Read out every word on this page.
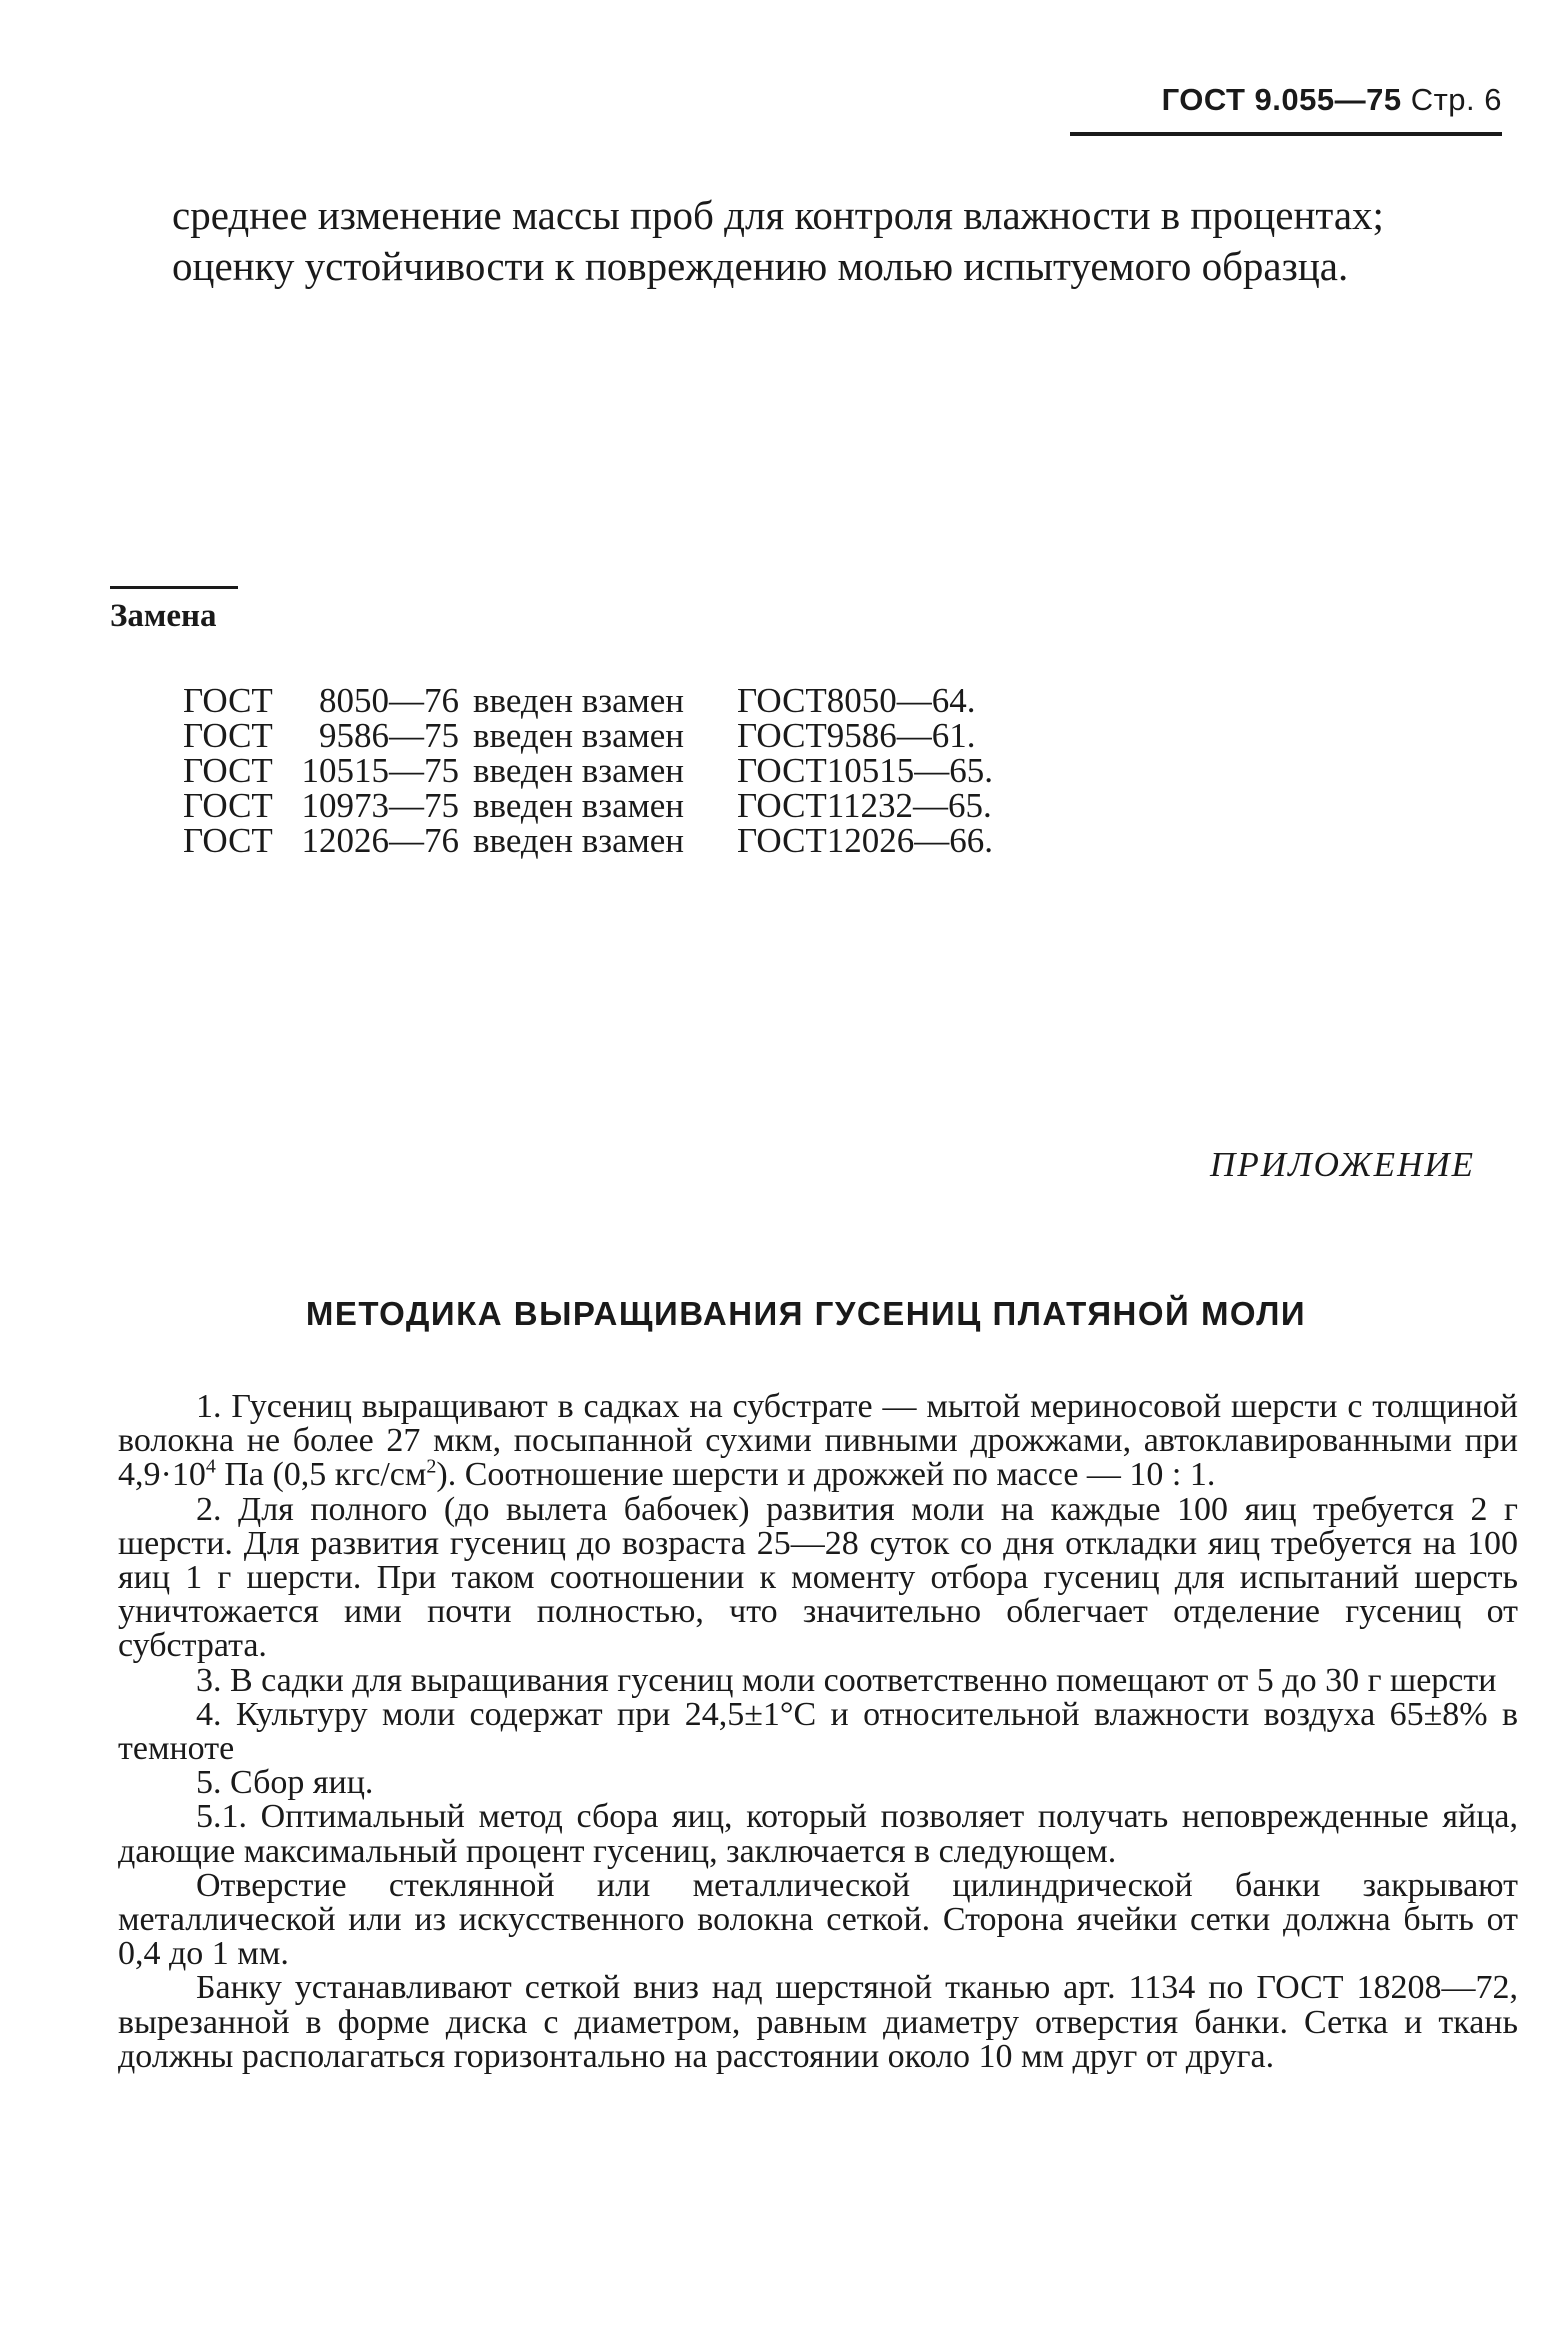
ГОСТ 9.055—75 Стр. 6

среднее изменение массы проб для контроля влажности в процентах;

оценку устойчивости к повреждению молью испытуемого образца.

Замена
ГОСТ	8050—76	введен взамен	ГОСТ	8050—64.
ГОСТ	9586—75	введен взамен	ГОСТ	9586—61.
ГОСТ	10515—75	введен взамен	ГОСТ	10515—65.
ГОСТ	10973—75	введен взамен	ГОСТ	11232—65.
ГОСТ	12026—76	введен взамен	ГОСТ	12026—66.
ПРИЛОЖЕНИЕ
МЕТОДИКА ВЫРАЩИВАНИЯ ГУСЕНИЦ ПЛАТЯНОЙ МОЛИ

1. Гусениц выращивают в садках на субстрате — мытой мериносовой шерсти с толщиной волокна не более 27 мкм, посыпанной сухими пивными дрожжами, автоклавированными при $4,9\cdot 10^4$ Па (0,5 кгс/$см^2$). Соотношение шерсти и дрожжей по массе — 10 : 1.

2. Для полного (до вылета бабочек) развития моли на каждые 100 яиц требуется 2 г шерсти. Для развития гусениц до возраста 25—28 суток со дня откладки яиц требуется на 100 яиц 1 г шерсти. При таком соотношении к моменту отбора гусениц для испытаний шерсть уничтожается ими почти полностью, что значительно облегчает отделение гусениц от субстрата.

3. В садки для выращивания гусениц моли соответственно помещают от 5 до 30 г шерсти

4. Культуру моли содержат при 24,5±1°С и относительной влажности воздуха 65±8% в темноте

5. Сбор яиц.

5.1. Оптимальный метод сбора яиц, который позволяет получать неповрежденные яйца, дающие максимальный процент гусениц, заключается в следующем.

Отверстие стеклянной или металлической цилиндрической банки закрывают металлической или из искусственного волокна сеткой. Сторона ячейки сетки должна быть от 0,4 до 1 мм.

Банку устанавливают сеткой вниз над шерстяной тканью арт. 1134 по ГОСТ 18208—72, вырезанной в форме диска с диаметром, равным диаметру отверстия банки. Сетка и ткань должны располагаться горизонтально на расстоянии около 10 мм друг от друга.
